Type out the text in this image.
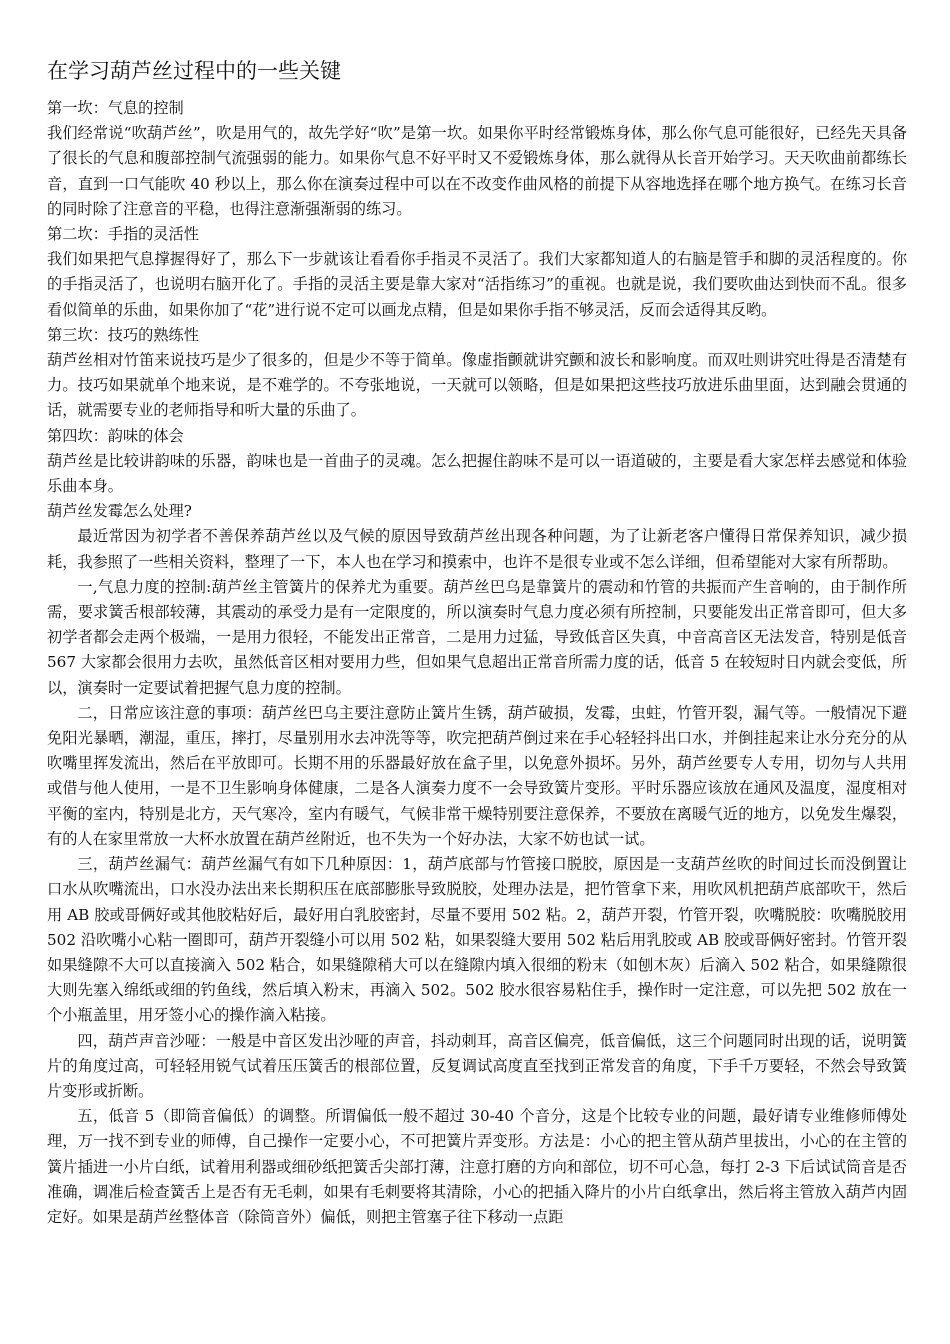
在学习葫芦丝过程中的一些关键

第一坎：气息的控制

我们经常说“吹葫芦丝”，吹是用气的，故先学好“吹”是第一坎。如果你平时经常锻炼身体，那么你气息可能很好，已经先天具备了很长的气息和腹部控制气流强弱的能力。如果你气息不好平时又不爱锻炼身体，那么就得从长音开始学习。天天吹曲前都练长音，直到一口气能吹 40 秒以上，那么你在演奏过程中可以在不改变作曲风格的前提下从容地选择在哪个地方换气。在练习长音的同时除了注意音的平稳，也得注意渐强渐弱的练习。

第二坎：手指的灵活性

我们如果把气息撑握得好了，那么下一步就该让看看你手指灵不灵活了。我们大家都知道人的右脑是管手和脚的灵活程度的。你的手指灵活了，也说明右脑开化了。手指的灵活主要是靠大家对“活指练习”的重视。也就是说，我们要吹曲达到快而不乱。很多看似简单的乐曲，如果你加了“花”进行说不定可以画龙点精，但是如果你手指不够灵活，反而会适得其反哟。

第三坎：技巧的熟练性

葫芦丝相对竹笛来说技巧是少了很多的，但是少不等于简单。像虚指颤就讲究颤和波长和影响度。而双吐则讲究吐得是否清楚有力。技巧如果就单个地来说，是不难学的。不夸张地说，一天就可以领略，但是如果把这些技巧放进乐曲里面，达到融会贯通的话，就需要专业的老师指导和听大量的乐曲了。

第四坎：韵味的体会

葫芦丝是比较讲韵味的乐器，韵味也是一首曲子的灵魂。怎么把握住韵味不是可以一语道破的，主要是看大家怎样去感觉和体验乐曲本身。

葫芦丝发霉怎么处理?

最近常因为初学者不善保养葫芦丝以及气候的原因导致葫芦丝出现各种问题，为了让新老客户懂得日常保养知识，减少损耗，我参照了一些相关资料，整理了一下，本人也在学习和摸索中，也许不是很专业或不怎么详细，但希望能对大家有所帮助。

一,气息力度的控制:葫芦丝主管簧片的保养尤为重要。葫芦丝巴乌是靠簧片的震动和竹管的共振而产生音响的，由于制作所需，要求簧舌根部较薄，其震动的承受力是有一定限度的，所以演奏时气息力度必须有所控制，只要能发出正常音即可，但大多初学者都会走两个极端，一是用力很轻，不能发出正常音，二是用力过猛，导致低音区失真，中音高音区无法发音，特别是低音 567 大家都会很用力去吹，虽然低音区相对要用力些，但如果气息超出正常音所需力度的话，低音 5 在较短时日内就会变低，所以，演奏时一定要试着把握气息力度的控制。

二，日常应该注意的事项：葫芦丝巴乌主要注意防止簧片生锈，葫芦破损，发霉，虫蛀，竹管开裂，漏气等。一般情况下避免阳光暴晒，潮湿，重压，摔打，尽量别用水去冲洗等等，吹完把葫芦倒过来在手心轻轻抖出口水，并倒挂起来让水分充分的从吹嘴里挥发流出，然后在平放即可。长期不用的乐器最好放在盒子里，以免意外损坏。另外，葫芦丝要专人专用，切勿与人共用或借与他人使用，一是不卫生影响身体健康，二是各人演奏力度不一会导致簧片变形。平时乐器应该放在通风及温度，湿度相对平衡的室内，特别是北方，天气寒冷，室内有暖气，气候非常干燥特别要注意保养，不要放在离暖气近的地方，以免发生爆裂，有的人在家里常放一大杯水放置在葫芦丝附近，也不失为一个好办法，大家不妨也试一试。

三，葫芦丝漏气：葫芦丝漏气有如下几种原因：1，葫芦底部与竹管接口脱胶，原因是一支葫芦丝吹的时间过长而没倒置让口水从吹嘴流出，口水没办法出来长期积压在底部膨胀导致脱胶，处理办法是，把竹管拿下来，用吹风机把葫芦底部吹干，然后用 AB 胶或哥俩好或其他胶粘好后，最好用白乳胶密封，尽量不要用 502 粘。2，葫芦开裂，竹管开裂，吹嘴脱胶：吹嘴脱胶用 502 沿吹嘴小心粘一圈即可，葫芦开裂缝小可以用 502 粘，如果裂缝大要用 502 粘后用乳胶或 AB 胶或哥俩好密封。竹管开裂如果缝隙不大可以直接滴入 502 粘合，如果缝隙稍大可以在缝隙内填入很细的粉末（如刨木灰）后滴入 502 粘合，如果缝隙很大则先塞入绵纸或细的钓鱼线，然后填入粉末，再滴入 502。502 胶水很容易粘住手，操作时一定注意，可以先把 502 放在一个小瓶盖里，用牙签小心的操作滴入粘接。

四，葫芦声音沙哑：一般是中音区发出沙哑的声音，抖动刺耳，高音区偏亮，低音偏低，这三个问题同时出现的话，说明簧片的角度过高，可轻轻用锐气试着压压簧舌的根部位置，反复调试高度直至找到正常发音的角度，下手千万要轻，不然会导致簧片变形或折断。

五，低音 5（即筒音偏低）的调整。所谓偏低一般不超过 30-40 个音分，这是个比较专业的问题，最好请专业维修师傅处理，万一找不到专业的师傅，自己操作一定要小心，不可把簧片弄变形。方法是：小心的把主管从葫芦里拔出，小心的在主管的簧片插进一小片白纸，试着用利器或细砂纸把簧舌尖部打薄，注意打磨的方向和部位，切不可心急，每打 2-3 下后试试筒音是否准确，调准后检查簧舌上是否有无毛刺，如果有毛刺要将其清除，小心的把插入降片的小片白纸拿出，然后将主管放入葫芦内固定好。如果是葫芦丝整体音（除筒音外）偏低，则把主管塞子往下移动一点距
